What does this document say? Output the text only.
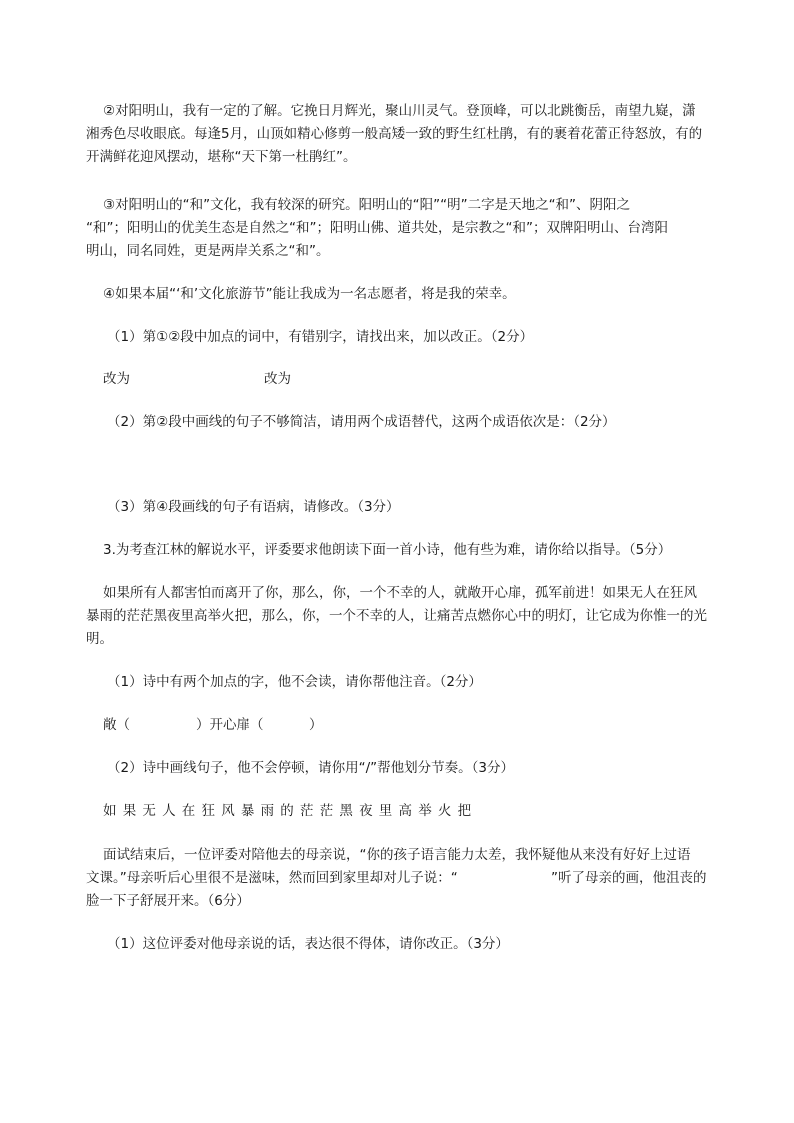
②对阳明山，我有一定的了解。它挽日月辉光，聚山川灵气。登顶峰，可以北跳衡岳，南望九嶷，潇
湘秀色尽收眼底。每逢5月，山顶如精心修剪一般高矮一致的野生红杜鹃，有的裹着花蕾正待怒放，有的
开满鲜花迎风摆动，堪称“天下第一杜鹃红”。
③对阳明山的“和”文化，我有较深的研究。阳明山的“阳”“明”二字是天地之“和”、阴阳之
“和”；阳明山的优美生态是自然之“和”；阳明山佛、道共处，是宗教之“和”；双牌阳明山、台湾阳
明山，同名同姓，更是两岸关系之“和”。
④如果本届“‘和’文化旅游节”能让我成为一名志愿者，将是我的荣幸。
（1）第①②段中加点的词中，有错别字，请找出来，加以改正。（2分）
改为	改为
（2）第②段中画线的句子不够简洁，请用两个成语替代，这两个成语依次是：（2分）
（3）第④段画线的句子有语病，请修改。（3分）
3.为考查江林的解说水平，评委要求他朗读下面一首小诗，他有些为难，请你给以指导。（5分）
如果所有人都害怕而离开了你，那么，你，一个不幸的人，就敞开心扉，孤军前进！如果无人在狂风
暴雨的茫茫黑夜里高举火把，那么，你，一个不幸的人，让痛苦点燃你心中的明灯，让它成为你惟一的光
明。
（1）诗中有两个加点的字，他不会读，请你帮他注音。（2分）
敞（	）开心扉（	）
（2）诗中画线句子，他不会停顿，请你用“/”帮他划分节奏。（3分）
如果无人在狂风暴雨的茫茫黑夜里高举火把
面试结束后，一位评委对陪他去的母亲说，“你的孩子语言能力太差，我怀疑他从来没有好好上过语
文课。”母亲听后心里很不是滋味，然而回到家里却对儿子说：“	”听了母亲的画，他沮丧的
脸一下子舒展开来。（6分）
（1）这位评委对他母亲说的话，表达很不得体，请你改正。（3分）
